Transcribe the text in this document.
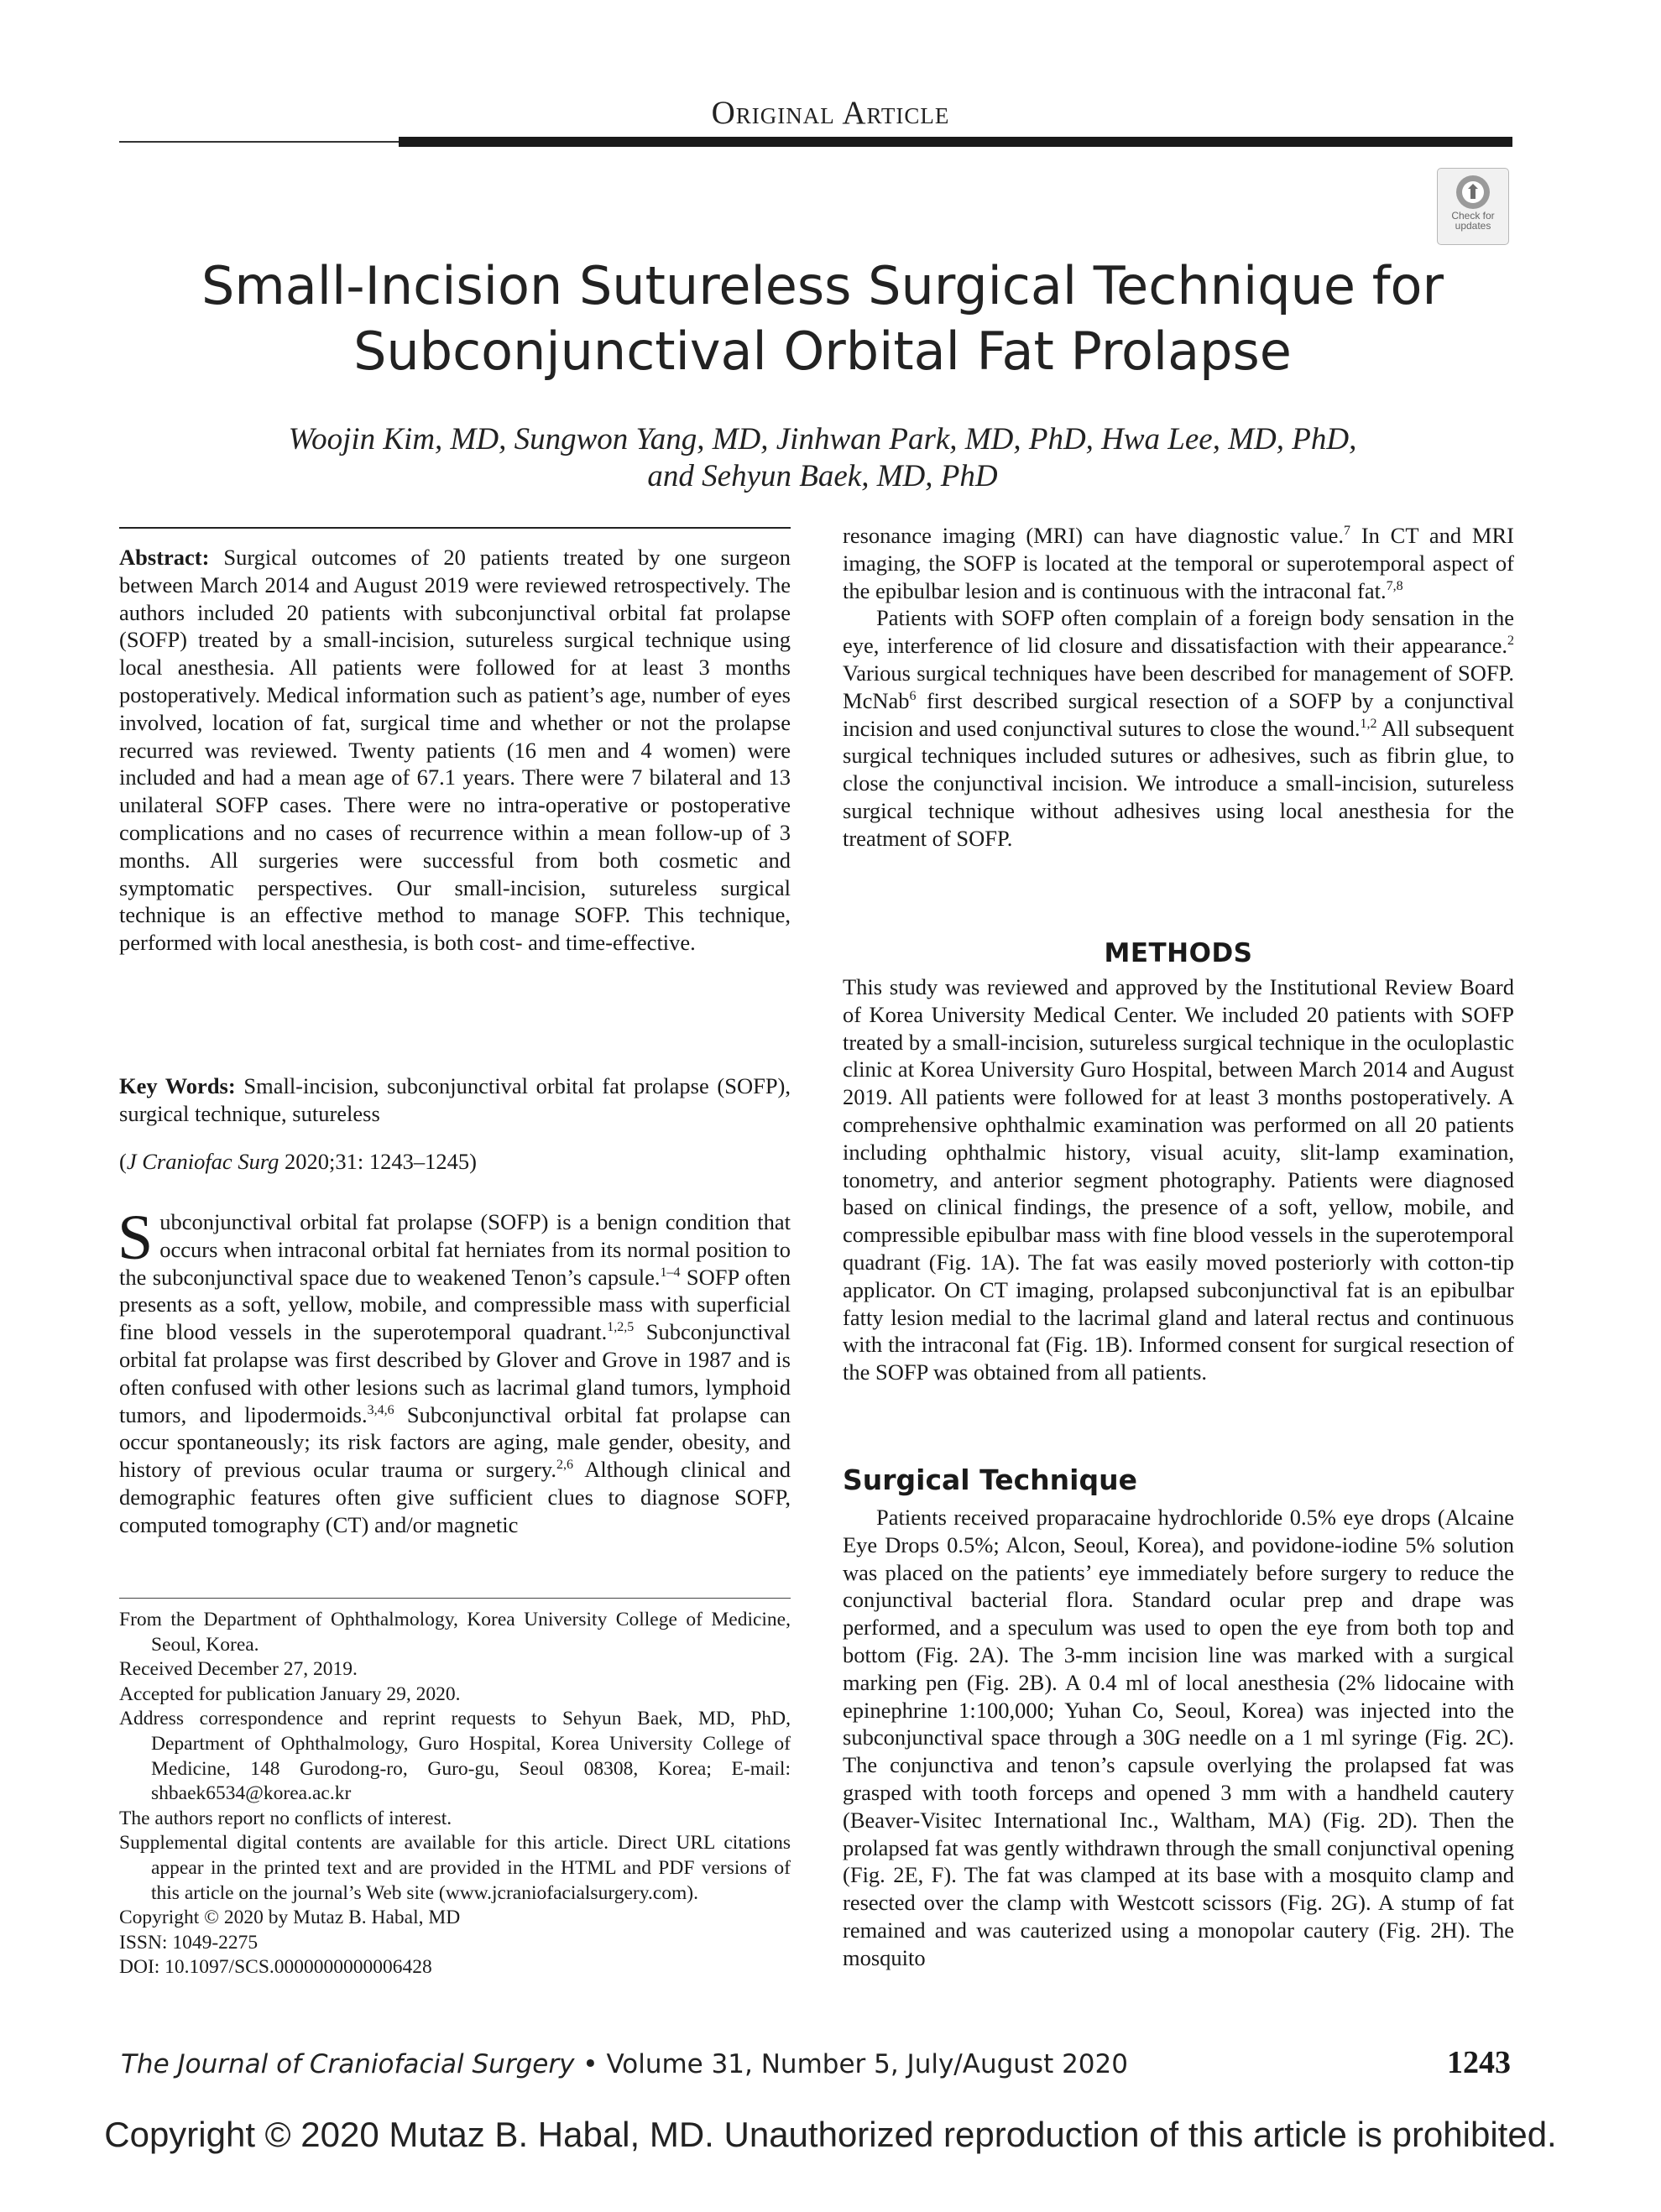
Original Article
Check for
updates
Small-Incision Sutureless Surgical Technique for
Subconjunctival Orbital Fat Prolapse
Woojin Kim, MD, Sungwon Yang, MD, Jinhwan Park, MD, PhD, Hwa Lee, MD, PhD,
and Sehyun Baek, MD, PhD

Abstract: Surgical outcomes of 20 patients treated by one surgeon between March 2014 and August 2019 were reviewed retrospectively. The authors included 20 patients with subconjunctival orbital fat prolapse (SOFP) treated by a small-incision, sutureless surgical technique using local anesthesia. All patients were followed for at least 3 months postoperatively. Medical information such as patient’s age, number of eyes involved, location of fat, surgical time and whether or not the prolapse recurred was reviewed. Twenty patients (16 men and 4 women) were included and had a mean age of 67.1 years. There were 7 bilateral and 13 unilateral SOFP cases. There were no intra-operative or postoperative complications and no cases of recurrence within a mean follow-up of 3 months. All surgeries were successful from both cosmetic and symptomatic perspectives. Our small-incision, sutureless surgical technique is an effective method to manage SOFP. This technique, performed with local anesthesia, is both cost- and time-effective.

Key Words: Small-incision, subconjunctival orbital fat prolapse (SOFP), surgical technique, sutureless

(J Craniofac Surg 2020;31: 1243–1245)

Subconjunctival orbital fat prolapse (SOFP) is a benign condition that occurs when intraconal orbital fat herniates from its normal position to the subconjunctival space due to weakened Tenon’s capsule.$^{1-4}$ SOFP often presents as a soft, yellow, mobile, and compressible mass with superficial fine blood vessels in the superotemporal quadrant.$^{1,2,5}$ Subconjunctival orbital fat prolapse was first described by Glover and Grove in 1987 and is often confused with other lesions such as lacrimal gland tumors, lymphoid tumors, and lipodermoids.$^{3,4,6}$ Subconjunctival orbital fat prolapse can occur spontaneously; its risk factors are aging, male gender, obesity, and history of previous ocular trauma or surgery.$^{2,6}$ Although clinical and demographic features often give sufficient clues to diagnose SOFP, computed tomography (CT) and/or magnetic

From the Department of Ophthalmology, Korea University College of Medicine, Seoul, Korea.
Received December 27, 2019.
Accepted for publication January 29, 2020.
Address correspondence and reprint requests to Sehyun Baek, MD, PhD, Department of Ophthalmology, Guro Hospital, Korea University College of Medicine, 148 Gurodong-ro, Guro-gu, Seoul 08308, Korea; E-mail: shbaek6534@korea.ac.kr
The authors report no conflicts of interest.
Supplemental digital contents are available for this article. Direct URL citations appear in the printed text and are provided in the HTML and PDF versions of this article on the journal’s Web site (www.jcraniofacialsurgery.com).
Copyright © 2020 by Mutaz B. Habal, MD
ISSN: 1049-2275
DOI: 10.1097/SCS.0000000000006428

resonance imaging (MRI) can have diagnostic value.$^7$ In CT and MRI imaging, the SOFP is located at the temporal or superotemporal aspect of the epibulbar lesion and is continuous with the intraconal fat.$^{7,8}$

Patients with SOFP often complain of a foreign body sensation in the eye, interference of lid closure and dissatisfaction with their appearance.$^2$ Various surgical techniques have been described for management of SOFP. McNab$^6$ first described surgical resection of a SOFP by a conjunctival incision and used conjunctival sutures to close the wound.$^{1,2}$ All subsequent surgical techniques included sutures or adhesives, such as fibrin glue, to close the conjunctival incision. We introduce a small-incision, sutureless surgical technique without adhesives using local anesthesia for the treatment of SOFP.

METHODS

This study was reviewed and approved by the Institutional Review Board of Korea University Medical Center. We included 20 patients with SOFP treated by a small-incision, sutureless surgical technique in the oculoplastic clinic at Korea University Guro Hospital, between March 2014 and August 2019. All patients were followed for at least 3 months postoperatively. A comprehensive ophthalmic examination was performed on all 20 patients including ophthalmic history, visual acuity, slit-lamp examination, tonometry, and anterior segment photography. Patients were diagnosed based on clinical findings, the presence of a soft, yellow, mobile, and compressible epibulbar mass with fine blood vessels in the superotemporal quadrant (Fig. 1A). The fat was easily moved posteriorly with cotton-tip applicator. On CT imaging, prolapsed subconjunctival fat is an epibulbar fatty lesion medial to the lacrimal gland and lateral rectus and continuous with the intraconal fat (Fig. 1B). Informed consent for surgical resection of the SOFP was obtained from all patients.

Surgical Technique

Patients received proparacaine hydrochloride 0.5% eye drops (Alcaine Eye Drops 0.5%; Alcon, Seoul, Korea), and povidone-iodine 5% solution was placed on the patients’ eye immediately before surgery to reduce the conjunctival bacterial flora. Standard ocular prep and drape was performed, and a speculum was used to open the eye from both top and bottom (Fig. 2A). The 3-mm incision line was marked with a surgical marking pen (Fig. 2B). A 0.4 ml of local anesthesia (2% lidocaine with epinephrine 1:100,000; Yuhan Co, Seoul, Korea) was injected into the subconjunctival space through a 30G needle on a 1 ml syringe (Fig. 2C). The conjunctiva and tenon’s capsule overlying the prolapsed fat was grasped with tooth forceps and opened 3 mm with a handheld cautery (Beaver-Visitec International Inc., Waltham, MA) (Fig. 2D). Then the prolapsed fat was gently withdrawn through the small conjunctival opening (Fig. 2E, F). The fat was clamped at its base with a mosquito clamp and resected over the clamp with Westcott scissors (Fig. 2G). A stump of fat remained and was cauterized using a monopolar cautery (Fig. 2H). The mosquito

The Journal of Craniofacial Surgery • Volume 31, Number 5, July/August 2020	1243
Copyright © 2020 Mutaz B. Habal, MD. Unauthorized reproduction of this article is prohibited.
